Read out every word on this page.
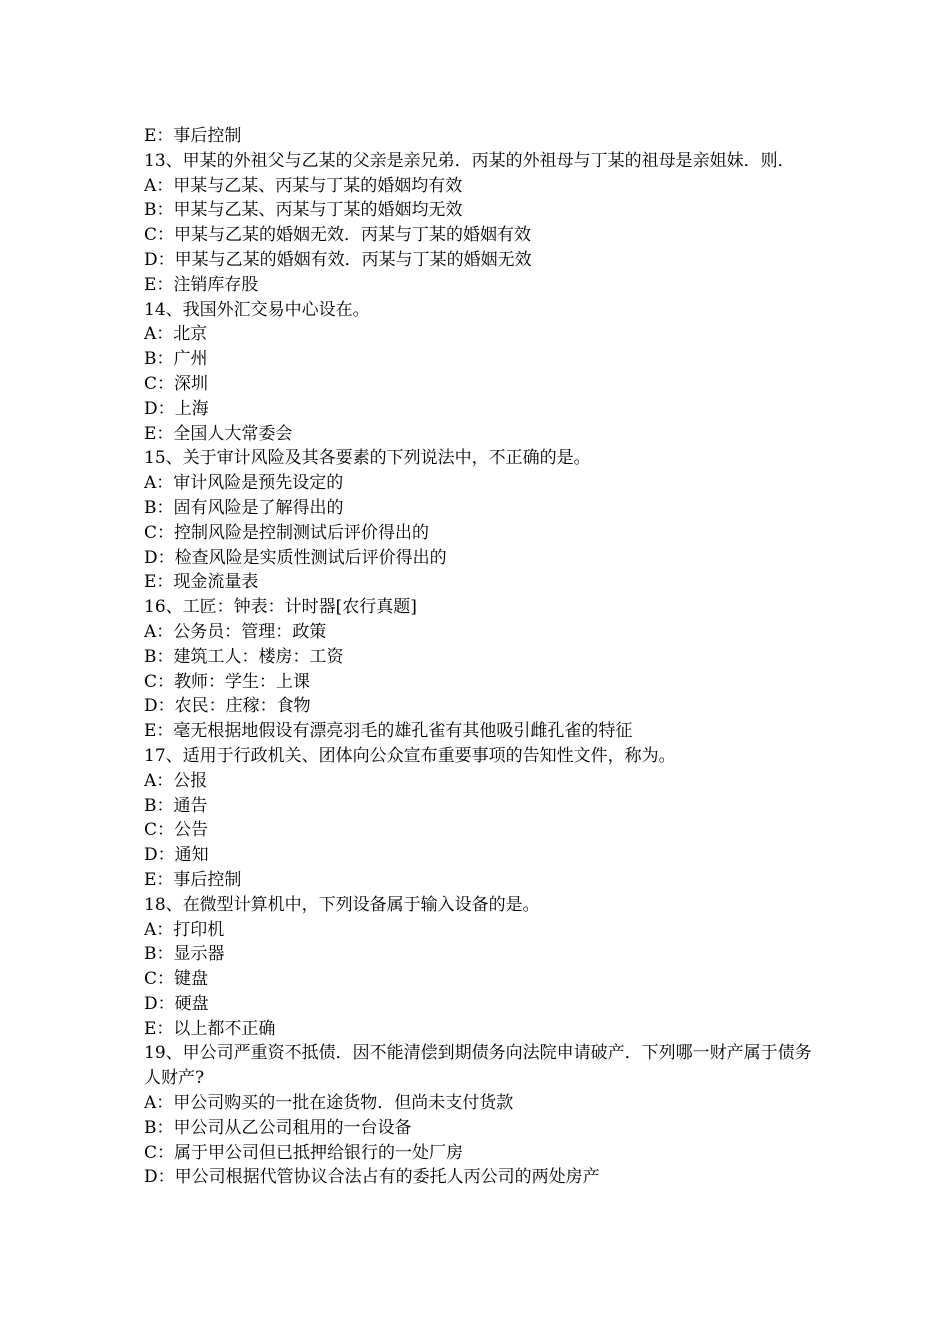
E：事后控制

13、甲某的外祖父与乙某的父亲是亲兄弟．丙某的外祖母与丁某的祖母是亲姐妹．则．

A：甲某与乙某、丙某与丁某的婚姻均有效

B：甲某与乙某、丙某与丁某的婚姻均无效

C：甲某与乙某的婚姻无效．丙某与丁某的婚姻有效

D：甲某与乙某的婚姻有效．丙某与丁某的婚姻无效

E：注销库存股

14、我国外汇交易中心设在。

A：北京

B：广州

C：深圳

D：上海

E：全国人大常委会

15、关于审计风险及其各要素的下列说法中，不正确的是。

A：审计风险是预先设定的

B：固有风险是了解得出的

C：控制风险是控制测试后评价得出的

D：检查风险是实质性测试后评价得出的

E：现金流量表

16、工匠：钟表：计时器[农行真题]

A：公务员：管理：政策

B：建筑工人：楼房：工资

C：教师：学生：上课

D：农民：庄稼：食物

E：毫无根据地假设有漂亮羽毛的雄孔雀有其他吸引雌孔雀的特征

17、适用于行政机关、团体向公众宣布重要事项的告知性文件，称为。

A：公报

B：通告

C：公告

D：通知

E：事后控制

18、在微型计算机中，下列设备属于输入设备的是。

A：打印机

B：显示器

C：键盘

D：硬盘

E：以上都不正确

19、甲公司严重资不抵债．因不能清偿到期债务向法院申请破产．下列哪一财产属于债务人财产?

A：甲公司购买的一批在途货物．但尚未支付货款

B：甲公司从乙公司租用的一台设备

C：属于甲公司但已抵押给银行的一处厂房

D：甲公司根据代管协议合法占有的委托人丙公司的两处房产
